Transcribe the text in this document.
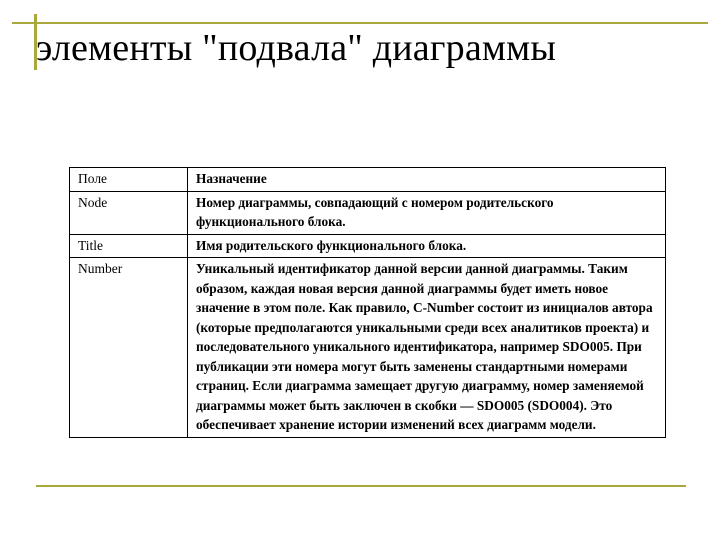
элементы "подвала" диаграммы
Поле	Назначение
Node	Номер диаграммы, совпадающий с номером родительского функционального блока.
Title	Имя родительского функционального блока.
Number	Уникальный идентификатор данной версии данной диаграммы. Таким образом, каждая новая версия данной диаграммы будет иметь новое значение в этом поле. Как правило, C-Number состоит из инициалов автора (которые предполагаются уникальными среди всех аналитиков проекта) и последовательного уникального идентификатора, например SDO005. При публикации эти номера могут быть заменены стандартными номерами страниц. Если диаграмма замещает другую диаграмму, номер заменяемой диаграммы может быть заключен в скобки — SDO005 (SDO004). Это обеспечивает хранение истории изменений всех диаграмм модели.
